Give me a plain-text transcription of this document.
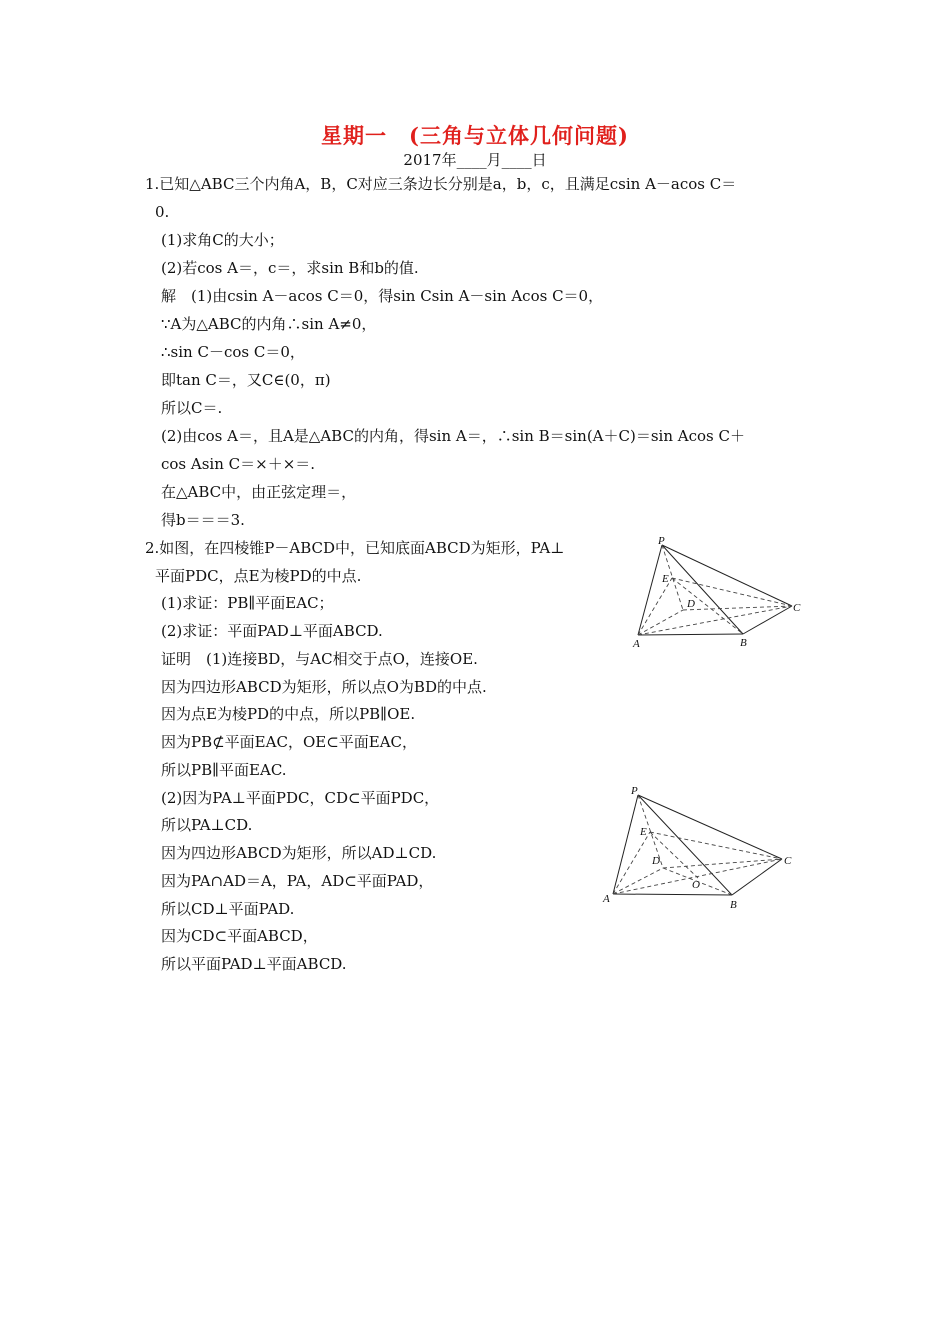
星期一　(三角与立体几何问题)
2017年____月____日
1.已知△ABC三个内角A，B，C对应三条边长分别是a，b，c，且满足csin A－acos C＝
0.
(1)求角C的大小；
(2)若cos A＝，c＝，求sin B和b的值.
解　(1)由csin A－acos C＝0，得sin Csin A－sin Acos C＝0，
∵A为△ABC的内角∴sin A≠0，
∴sin C－cos C＝0，
即tan C＝，又C∈(0，π)
所以C＝.
(2)由cos A＝，且A是△ABC的内角，得sin A＝，∴sin B＝sin(A＋C)＝sin Acos C＋
cos Asin C＝×＋×＝.
在△ABC中，由正弦定理＝，
得b＝＝＝3.
2.如图，在四棱锥P－ABCD中，已知底面ABCD为矩形，PA⊥
平面PDC，点E为棱PD的中点.
(1)求证：PB∥平面EAC；
(2)求证：平面PAD⊥平面ABCD.
证明　(1)连接BD，与AC相交于点O，连接OE.
因为四边形ABCD为矩形，所以点O为BD的中点.
因为点E为棱PD的中点，所以PB∥OE.
因为PB⊄平面EAC，OE⊂平面EAC，
所以PB∥平面EAC.
(2)因为PA⊥平面PDC，CD⊂平面PDC，
所以PA⊥CD.
因为四边形ABCD为矩形，所以AD⊥CD.
因为PA∩AD＝A，PA，AD⊂平面PAD，
所以CD⊥平面PAD.
因为CD⊂平面ABCD，
所以平面PAD⊥平面ABCD.
P
E
D	C
A	B
P
E
D
O
C
A	B
